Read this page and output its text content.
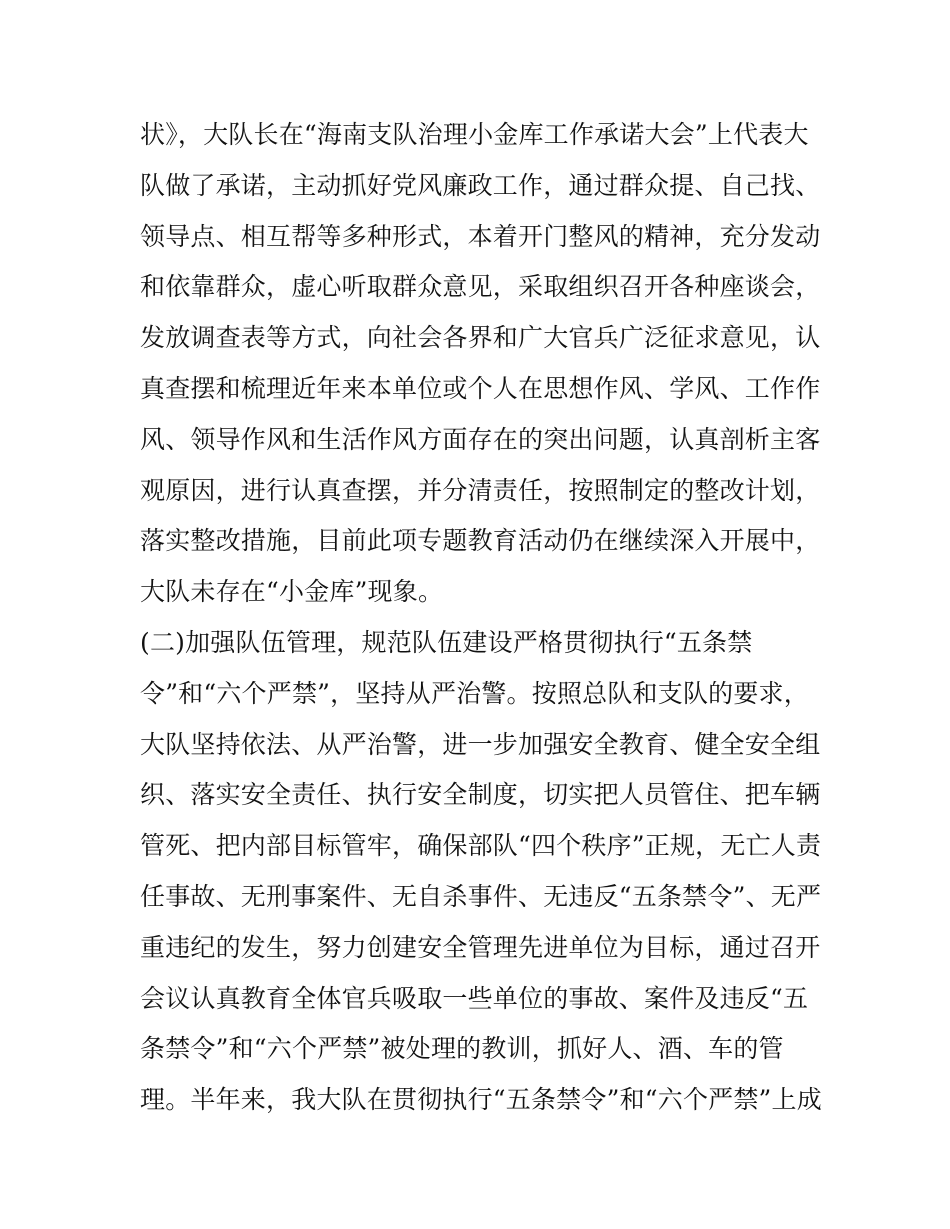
状》，大队长在“海南支队治理小金库工作承诺大会”上代表大
队做了承诺，主动抓好党风廉政工作，通过群众提、自己找、
领导点、相互帮等多种形式，本着开门整风的精神，充分发动
和依靠群众，虚心听取群众意见，采取组织召开各种座谈会，
发放调查表等方式，向社会各界和广大官兵广泛征求意见，认
真查摆和梳理近年来本单位或个人在思想作风、学风、工作作
风、领导作风和生活作风方面存在的突出问题，认真剖析主客
观原因，进行认真查摆，并分清责任，按照制定的整改计划，
落实整改措施，目前此项专题教育活动仍在继续深入开展中，
大队未存在“小金库”现象。
(二)加强队伍管理，规范队伍建设严格贯彻执行“五条禁
令”和“六个严禁”，坚持从严治警。按照总队和支队的要求，
大队坚持依法、从严治警，进一步加强安全教育、健全安全组
织、落实安全责任、执行安全制度，切实把人员管住、把车辆
管死、把内部目标管牢，确保部队“四个秩序”正规，无亡人责
任事故、无刑事案件、无自杀事件、无违反“五条禁令”、无严
重违纪的发生，努力创建安全管理先进单位为目标，通过召开
会议认真教育全体官兵吸取一些单位的事故、案件及违反“五
条禁令”和“六个严禁”被处理的教训，抓好人、酒、车的管
理。半年来，我大队在贯彻执行“五条禁令”和“六个严禁”上成
